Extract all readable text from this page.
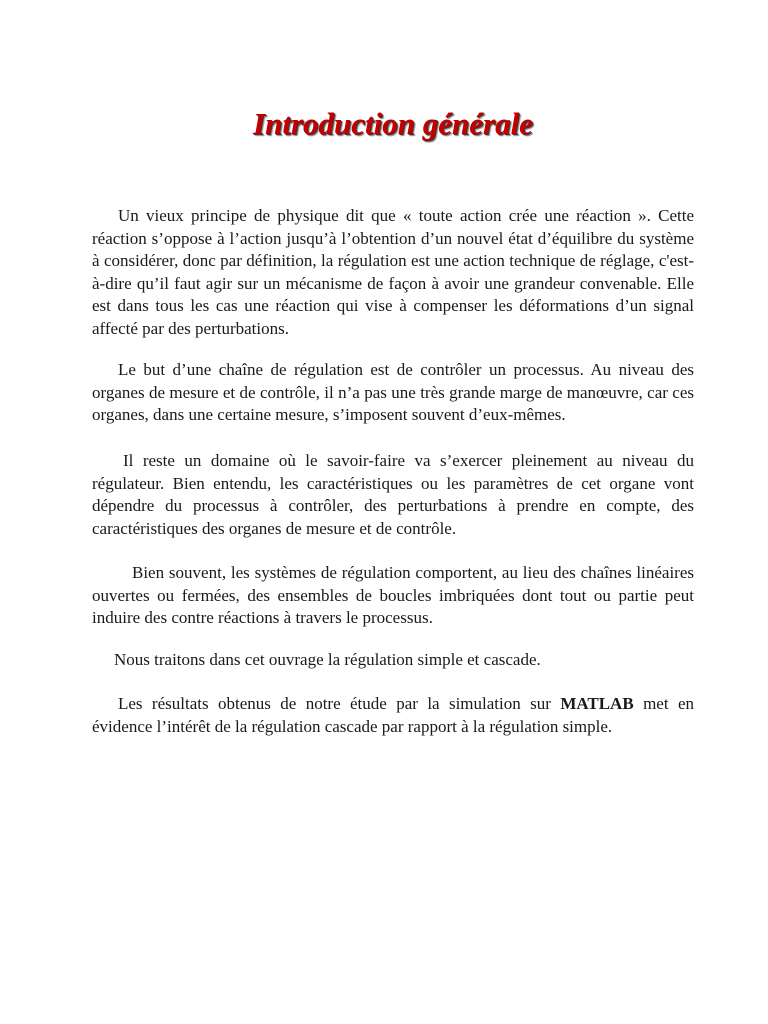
Introduction générale

Un vieux principe de physique dit que « toute action crée une réaction ». Cette réaction s’oppose à l’action jusqu’à l’obtention d’un nouvel état d’équilibre du système à considérer, donc par définition, la régulation est une action technique de réglage, c'est-à-dire qu’il faut agir sur un mécanisme de façon à avoir une grandeur convenable. Elle est dans tous les cas une réaction qui vise à compenser les déformations d’un signal affecté par des perturbations.

Le but d’une chaîne de régulation est de contrôler un processus. Au niveau des organes de mesure et de contrôle, il n’a pas une très grande marge de manœuvre, car ces organes, dans une certaine mesure, s’imposent souvent d’eux-mêmes.

Il reste un domaine où le savoir-faire va s’exercer pleinement au niveau du régulateur. Bien entendu, les caractéristiques ou les paramètres de cet organe vont dépendre du processus à contrôler, des perturbations à prendre en compte, des caractéristiques des organes de mesure et de contrôle.

Bien souvent, les systèmes de régulation comportent, au lieu des chaînes linéaires ouvertes ou fermées, des ensembles de boucles imbriquées dont tout ou partie peut induire des contre réactions à travers le processus.

Nous traitons dans cet ouvrage la régulation simple et cascade.

Les résultats obtenus de notre étude par la simulation sur MATLAB met en évidence l’intérêt de la régulation cascade par rapport à la régulation simple.
